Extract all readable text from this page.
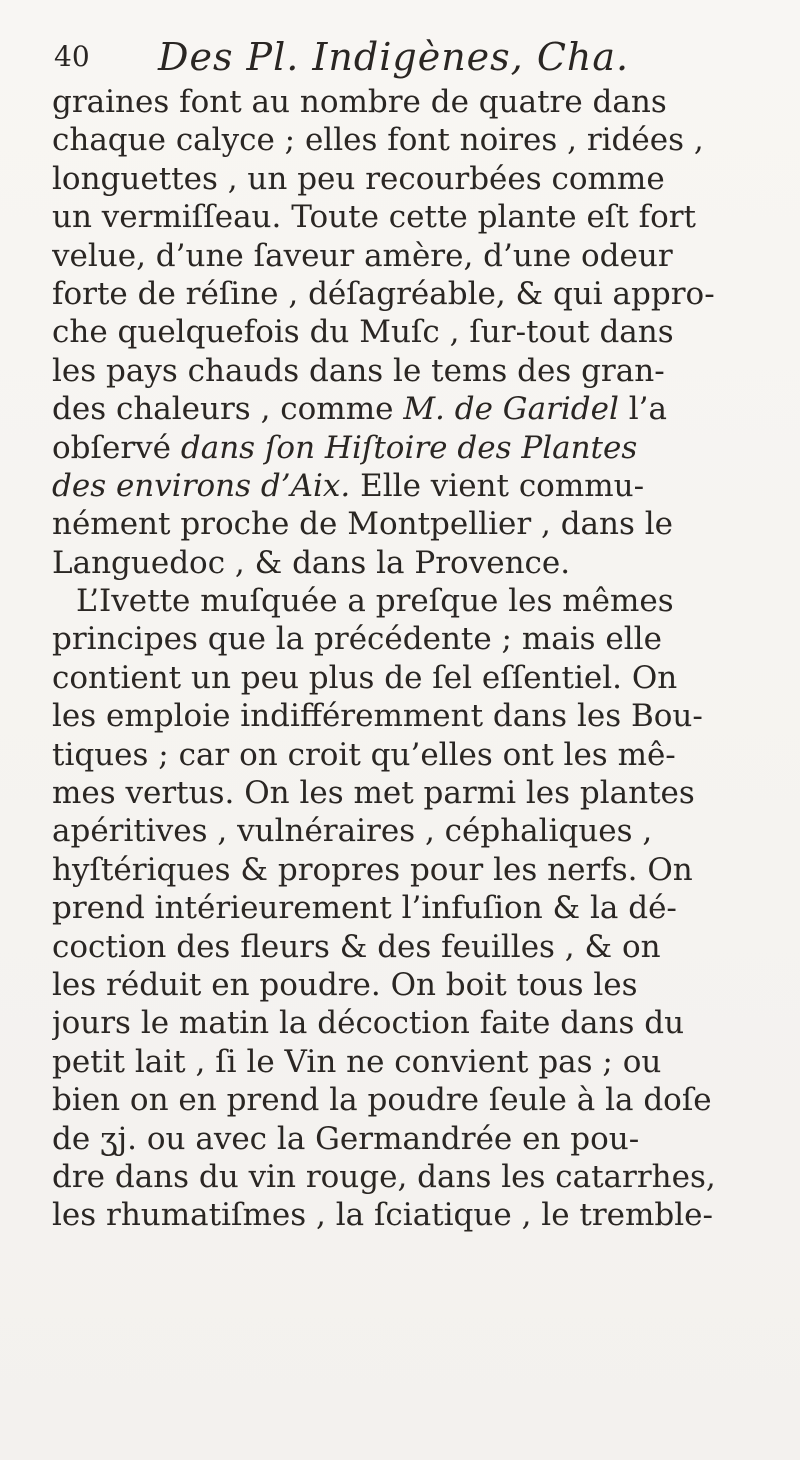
40 Des Pl. Indigènes, Cha.
graines font au nombre de quatre dans
chaque calyce ; elles font noires , ridées ,
longuettes , un peu recourbées comme
un vermiſſeau. Toute cette plante eſt fort
velue, d’une ſaveur amère, d’une odeur
forte de réſine , déſagréable, & qui appro-
che quelquefois du Muſc , ſur-tout dans
les pays chauds dans le tems des gran-
des chaleurs , comme M. de Garidel l’a
obſervé dans ſon Hiſtoire des Plantes
des environs d’Aix. Elle vient commu-
nément proche de Montpellier , dans le
Languedoc , & dans la Provence.
L’Ivette muſquée a preſque les mêmes
principes que la précédente ; mais elle
contient un peu plus de ſel eſſentiel. On
les emploie indifféremment dans les Bou-
tiques ; car on croit qu’elles ont les mê-
mes vertus. On les met parmi les plantes
apéritives , vulnéraires , céphaliques ,
hyſtériques & propres pour les nerfs. On
prend intérieurement l’infuſion & la dé-
coction des fleurs & des feuilles , & on
les réduit en poudre. On boit tous les
jours le matin la décoction faite dans du
petit lait , ſi le Vin ne convient pas ; ou
bien on en prend la poudre ſeule à la doſe
de ʒj. ou avec la Germandrée en pou-
dre dans du vin rouge, dans les catarrhes,
les rhumatiſmes , la ſciatique , le tremble-
